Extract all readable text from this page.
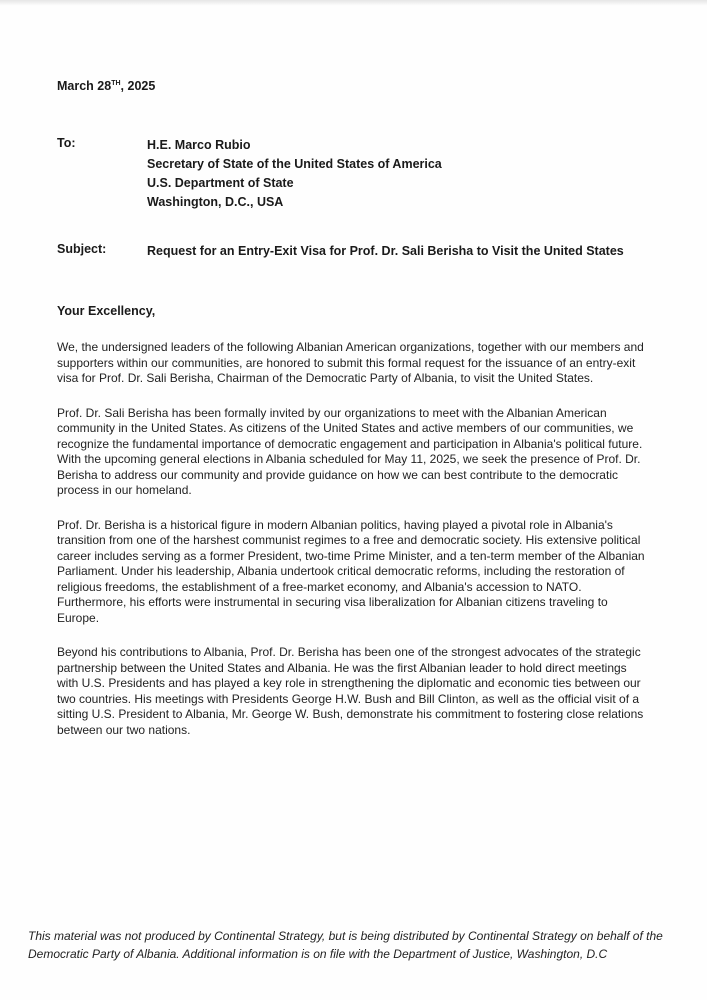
March 28TH, 2025
To:	H.E. Marco Rubio
Secretary of State of the United States of America
U.S. Department of State
Washington, D.C., USA
Subject:	Request for an Entry-Exit Visa for Prof. Dr. Sali Berisha to Visit the United States
Your Excellency,

We, the undersigned leaders of the following Albanian American organizations, together with our members and supporters within our communities, are honored to submit this formal request for the issuance of an entry-exit visa for Prof. Dr. Sali Berisha, Chairman of the Democratic Party of Albania, to visit the United States.

Prof. Dr. Sali Berisha has been formally invited by our organizations to meet with the Albanian American community in the United States. As citizens of the United States and active members of our communities, we recognize the fundamental importance of democratic engagement and participation in Albania's political future. With the upcoming general elections in Albania scheduled for May 11, 2025, we seek the presence of Prof. Dr. Berisha to address our community and provide guidance on how we can best contribute to the democratic process in our homeland.

Prof. Dr. Berisha is a historical figure in modern Albanian politics, having played a pivotal role in Albania's transition from one of the harshest communist regimes to a free and democratic society. His extensive political career includes serving as a former President, two-time Prime Minister, and a ten-term member of the Albanian Parliament. Under his leadership, Albania undertook critical democratic reforms, including the restoration of religious freedoms, the establishment of a free-market economy, and Albania's accession to NATO. Furthermore, his efforts were instrumental in securing visa liberalization for Albanian citizens traveling to Europe.

Beyond his contributions to Albania, Prof. Dr. Berisha has been one of the strongest advocates of the strategic partnership between the United States and Albania. He was the first Albanian leader to hold direct meetings with U.S. Presidents and has played a key role in strengthening the diplomatic and economic ties between our two countries. His meetings with Presidents George H.W. Bush and Bill Clinton, as well as the official visit of a sitting U.S. President to Albania, Mr. George W. Bush, demonstrate his commitment to fostering close relations between our two nations.

This material was not produced by Continental Strategy, but is being distributed by Continental Strategy on behalf of the Democratic Party of Albania. Additional information is on file with the Department of Justice, Washington, D.C
